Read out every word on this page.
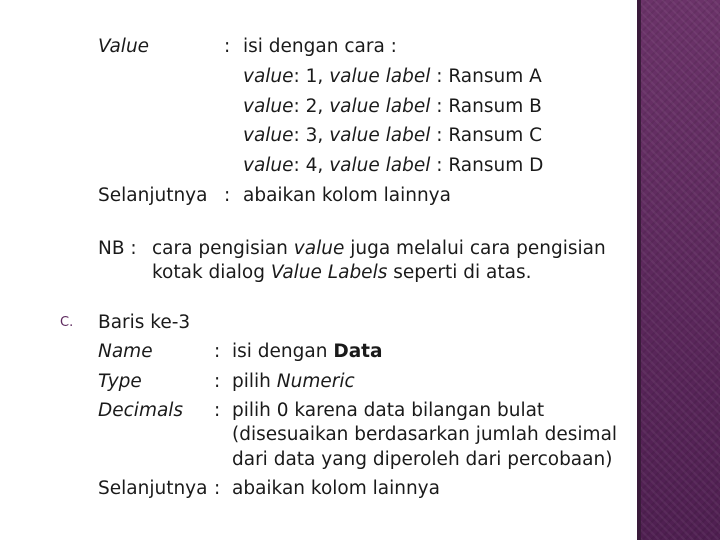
Value	: isi dengan cara :
value: 1, value label : Ransum A
value: 2, value label : Ransum B
value: 3, value label : Ransum C
value: 4, value label : Ransum D
Selanjutnya : abaikan kolom lainnya
NB : cara pengisian value juga melalui cara pengisian
kotak dialog Value Labels seperti di atas.
C. Baris ke-3
Name	: isi dengan Data
Type	: pilih Numeric
Decimals : pilih 0 karena data bilangan bulat
(disesuaikan berdasarkan jumlah desimal
dari data yang diperoleh dari percobaan)
Selanjutnya : abaikan kolom lainnya
